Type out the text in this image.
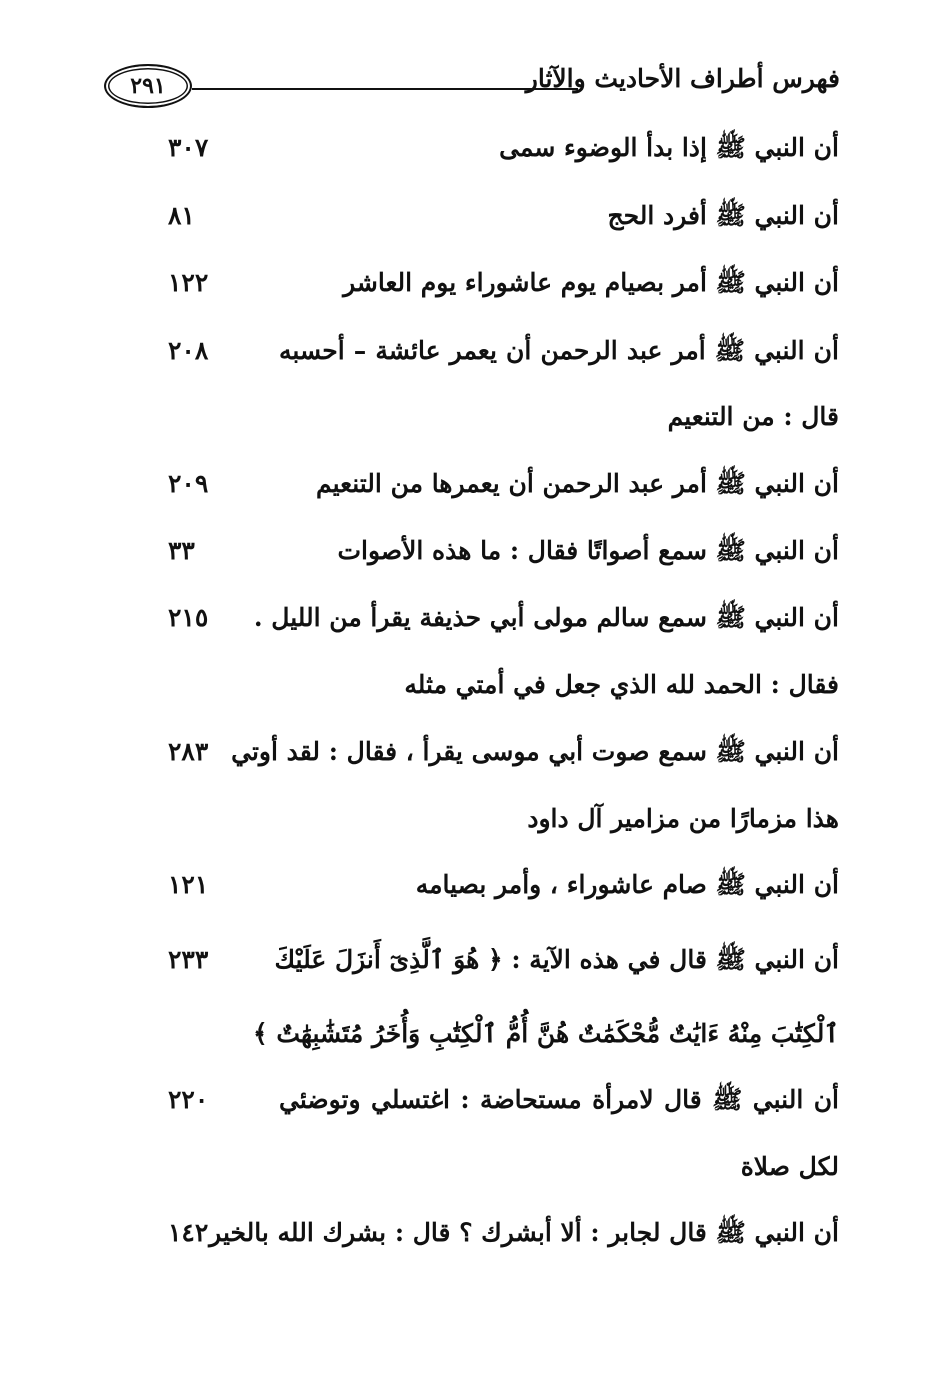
فهرس أطراف الأحاديث والآثار
٢٩١
أن النبي ﷺ إذا بدأ الوضوء سمى
٣٠٧
أن النبي ﷺ أفرد الحج
٨١
أن النبي ﷺ أمر بصيام يوم عاشوراء يوم العاشر
١٢٢
أن النبي ﷺ أمر عبد الرحمن أن يعمر عائشة – أحسبه
قال : من التنعيم
٢٠٨
أن النبي ﷺ أمر عبد الرحمن أن يعمرها من التنعيم
٢٠٩
أن النبي ﷺ سمع أصواتًا فقال : ما هذه الأصوات
٣٣
أن النبي ﷺ سمع سالم مولى أبي حذيفة يقرأ من الليل .
فقال : الحمد لله الذي جعل في أمتي مثله
٢١٥
أن النبي ﷺ سمع صوت أبي موسى يقرأ ، فقال : لقد أوتي
هذا مزمارًا من مزامير آل داود
٢٨٣
أن النبي ﷺ صام عاشوراء ، وأمر بصيامه
١٢١
أن النبي ﷺ قال في هذه الآية : ﴿ هُوَ ٱلَّذِىٓ أَنزَلَ عَلَيْكَ
ٱلْكِتَٰبَ مِنْهُ ءَايَٰتٌ مُّحْكَمَٰتٌ هُنَّ أُمُّ ٱلْكِتَٰبِ وَأُخَرُ مُتَشَٰبِهَٰتٌ ﴾
٢٣٣
أن النبي ﷺ قال لامرأة مستحاضة : اغتسلي وتوضئي
لكل صلاة
٢٢٠
أن النبي ﷺ قال لجابر : ألا أبشرك ؟ قال : بشرك الله بالخير
١٤٢
